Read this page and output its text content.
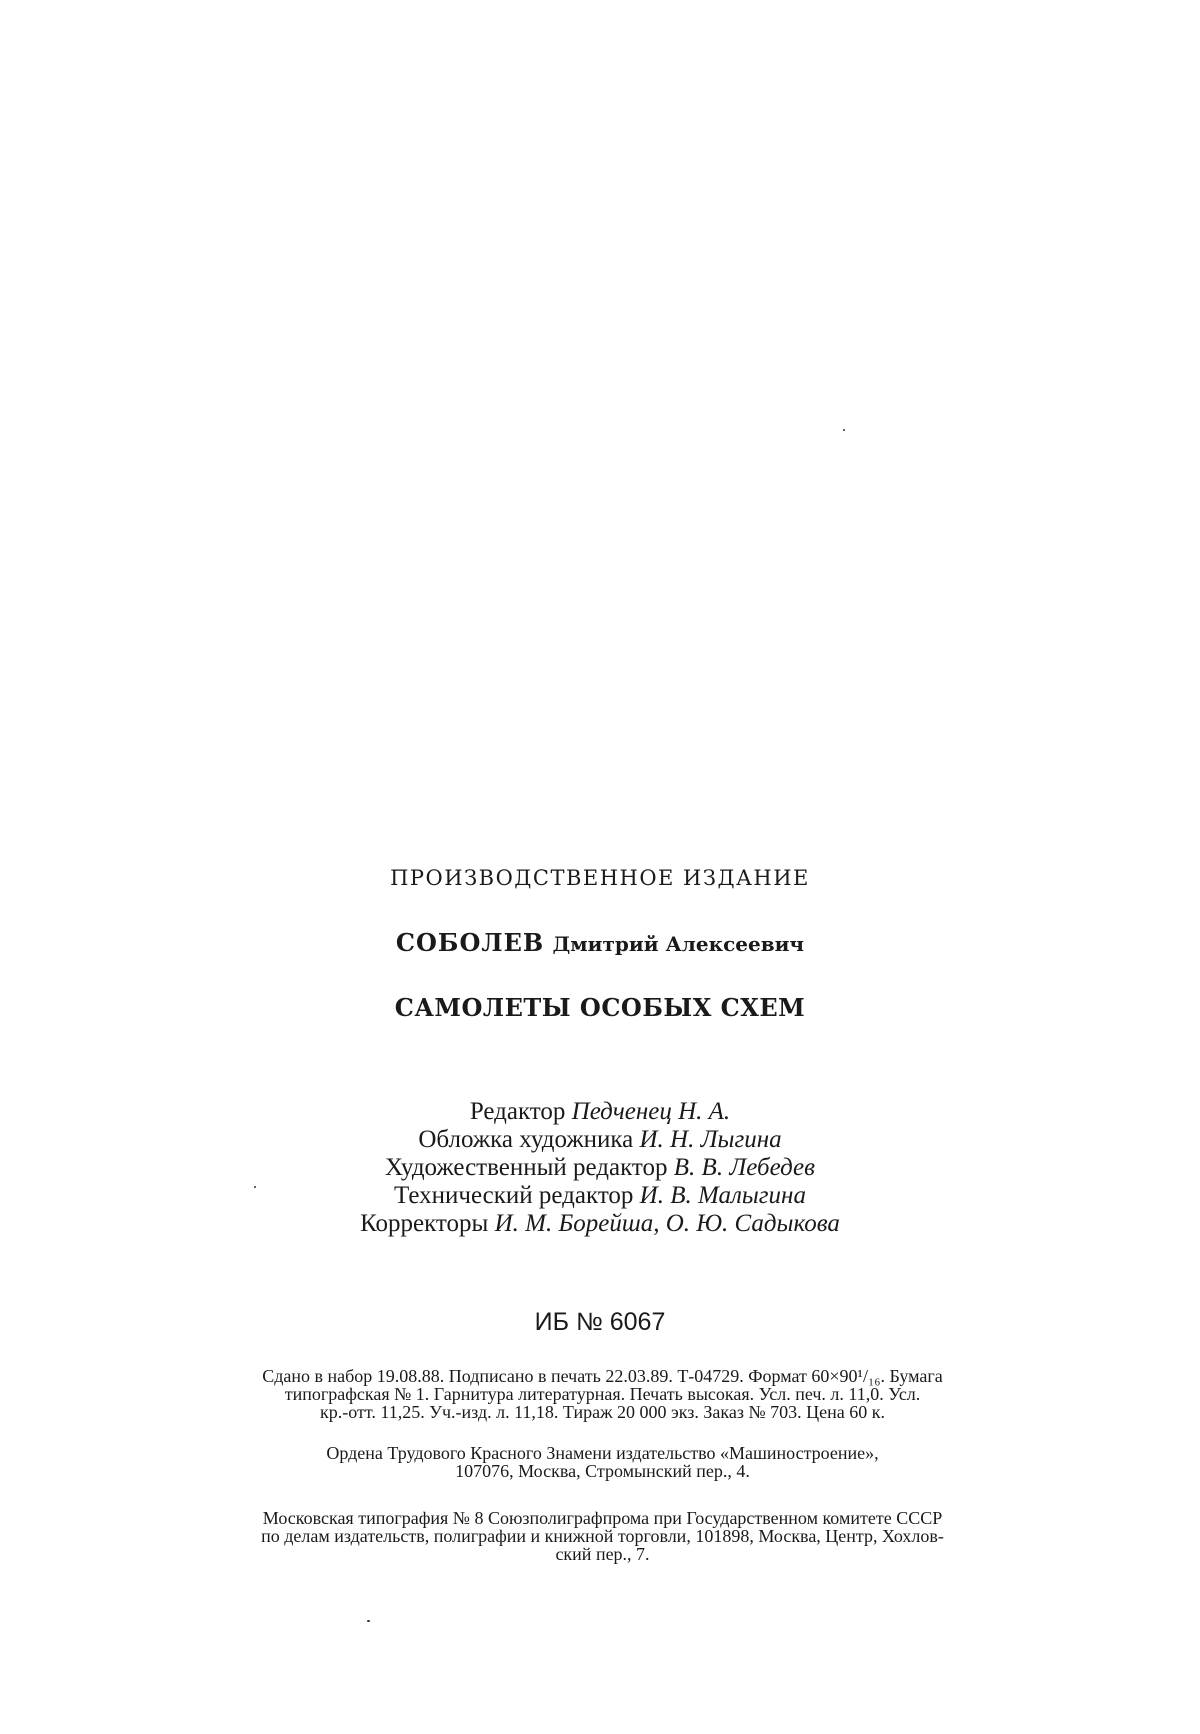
ПРОИЗВОДСТВЕННОЕ ИЗДАНИЕ
СОБОЛЕВ Дмитрий Алексеевич
САМОЛЕТЫ ОСОБЫХ СХЕМ
Редактор Педченец Н. А.
Обложка художника И. Н. Лыгина
Художественный редактор В. В. Лебедев
Технический редактор И. В. Малыгина
Корректоры И. М. Борейша, О. Ю. Садыкова
ИБ № 6067
Сдано в набор 19.08.88. Подписано в печать 22.03.89. Т-04729. Формат 60×90¹/₁₆. Бумага
типографская № 1. Гарнитура литературная. Печать высокая. Усл. печ. л. 11,0. Усл.
кр.-отт. 11,25. Уч.-изд. л. 11,18. Тираж 20 000 экз. Заказ № 703. Цена 60 к.
Ордена Трудового Красного Знамени издательство «Машиностроение»,
107076, Москва, Стромынский пер., 4.
Московская типография № 8 Союзполиграфпрома при Государственном комитете СССР
по делам издательств, полиграфии и книжной торговли, 101898, Москва, Центр, Хохлов-
ский пер., 7.
